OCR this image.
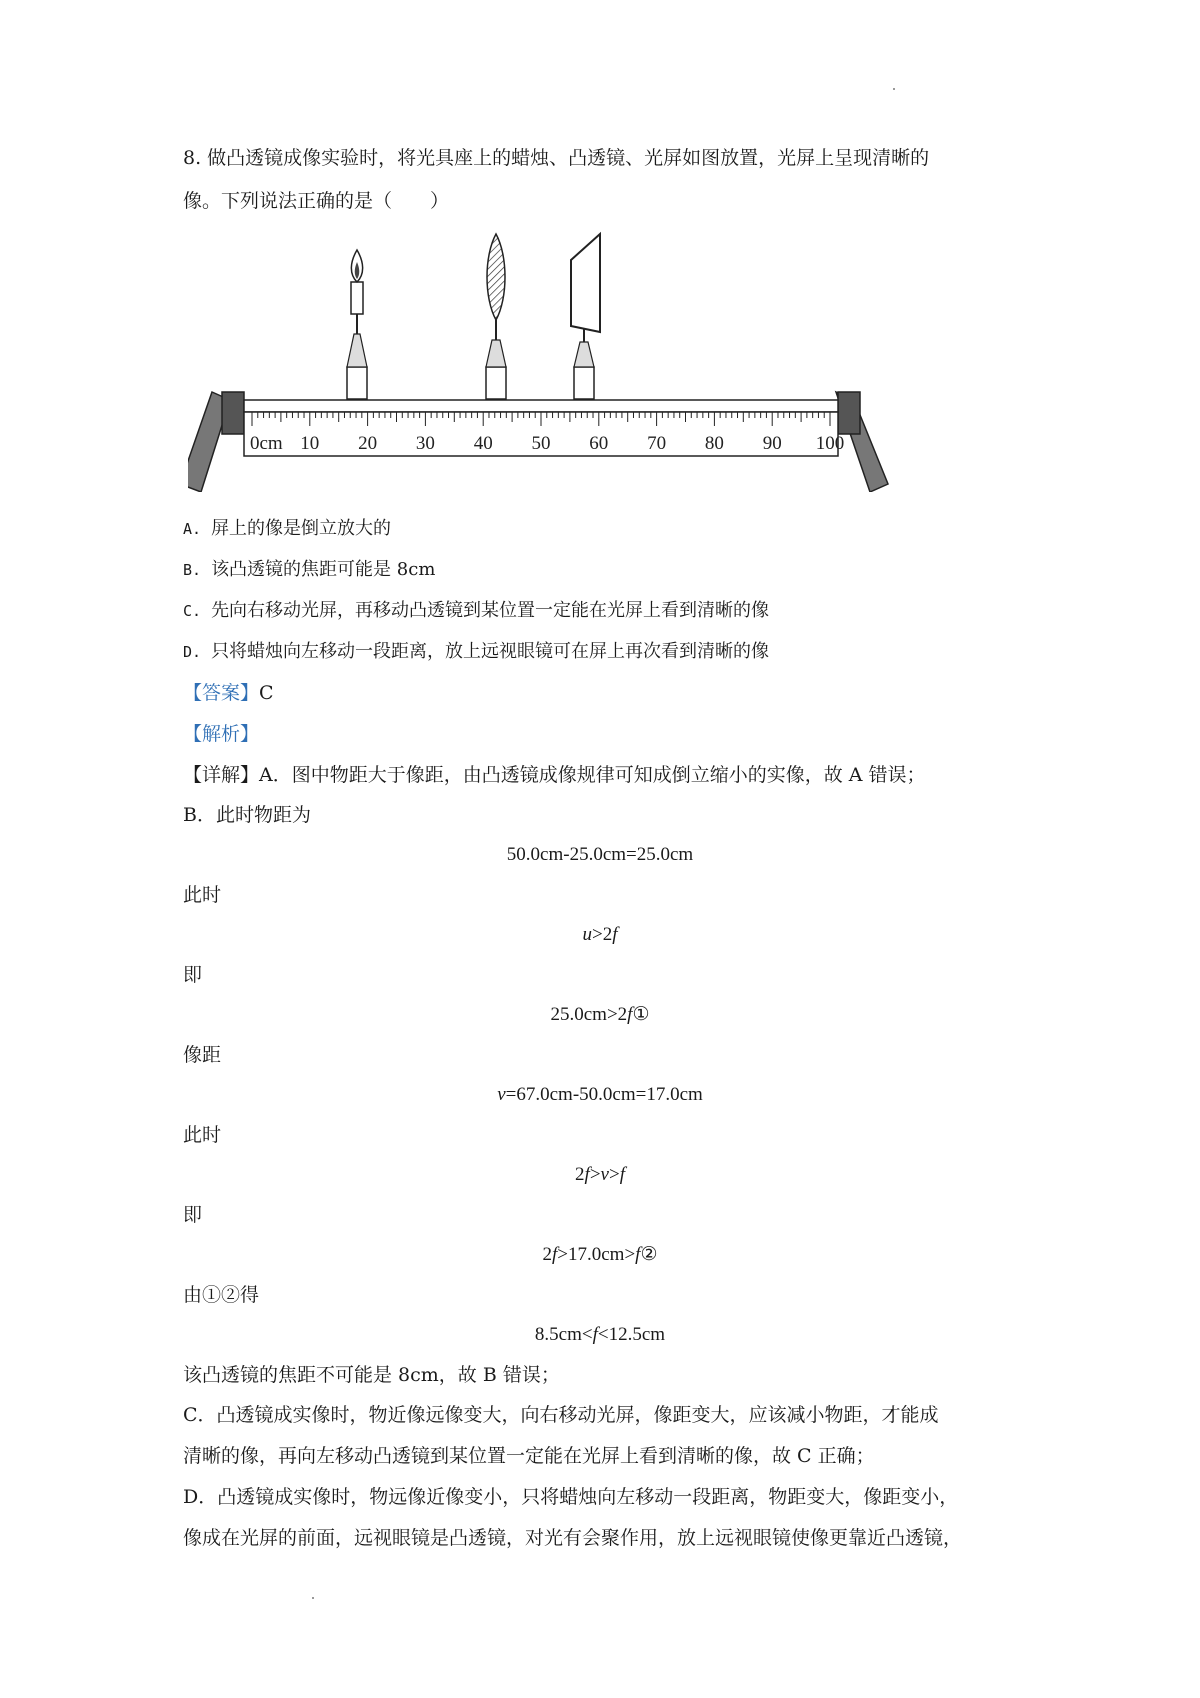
8. 做凸透镜成像实验时，将光具座上的蜡烛、凸透镜、光屏如图放置，光屏上呈现清晰的
像。下列说法正确的是（　　）
0cm 10 20 30 40 50 60 70 80 90 100
A. 屏上的像是倒立放大的
B. 该凸透镜的焦距可能是 8cm
C. 先向右移动光屏，再移动凸透镜到某位置一定能在光屏上看到清晰的像
D. 只将蜡烛向左移动一段距离，放上远视眼镜可在屏上再次看到清晰的像
【答案】C
【解析】
【详解】A．图中物距大于像距，由凸透镜成像规律可知成倒立缩小的实像，故 A 错误；
B．此时物距为
50.0cm-25.0cm=25.0cm
此时
u>2f
即
25.0cm>2f①
像距
v=67.0cm-50.0cm=17.0cm
此时
2f>v>f
即
2f>17.0cm>f②
由①②得
8.5cm<f<12.5cm
该凸透镜的焦距不可能是 8cm，故 B 错误；
C．凸透镜成实像时，物近像远像变大，向右移动光屏，像距变大，应该减小物距，才能成
清晰的像，再向左移动凸透镜到某位置一定能在光屏上看到清晰的像，故 C 正确；
D．凸透镜成实像时，物远像近像变小，只将蜡烛向左移动一段距离，物距变大，像距变小，
像成在光屏的前面，远视眼镜是凸透镜，对光有会聚作用，放上远视眼镜使像更靠近凸透镜，
